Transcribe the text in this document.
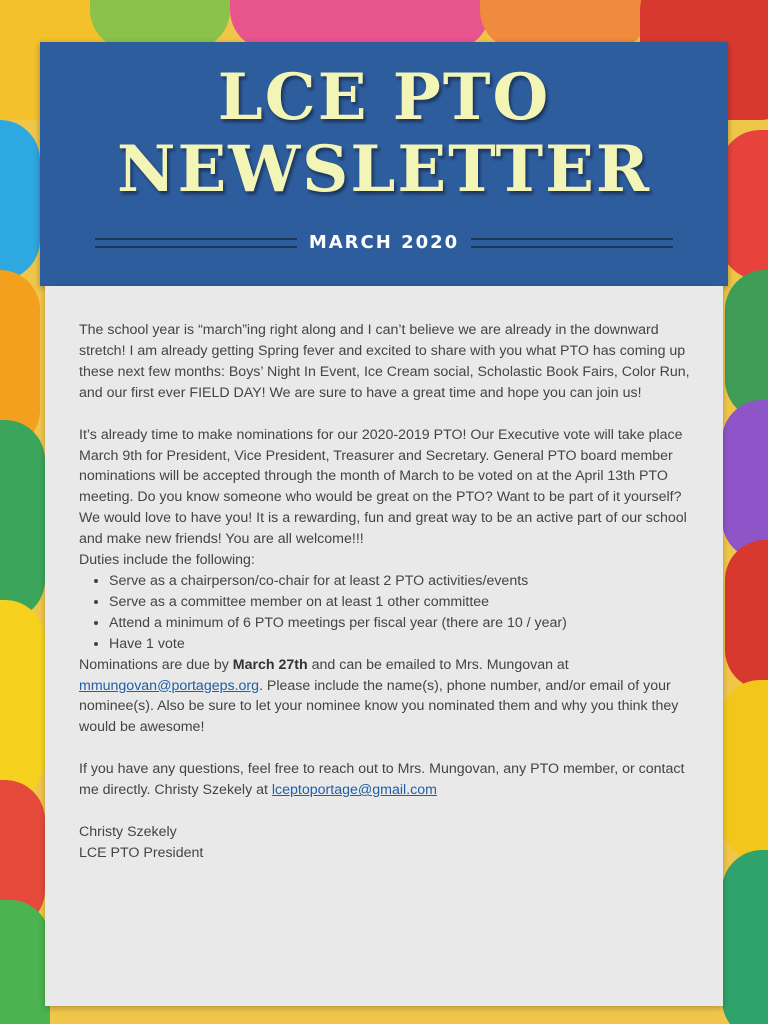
LCE PTO
NEWSLETTER
MARCH 2020

The school year is “march”ing right along and I can’t believe we are already in the downward stretch! I am already getting Spring fever and excited to share with you what PTO has coming up these next few months: Boys’ Night In Event, Ice Cream social, Scholastic Book Fairs, Color Run, and our first ever FIELD DAY! We are sure to have a great time and hope you can join us!

It’s already time to make nominations for our 2020-2019 PTO! Our Executive vote will take place March 9th for President, Vice President, Treasurer and Secretary. General PTO board member nominations will be accepted through the month of March to be voted on at the April 13th PTO meeting. Do you know someone who would be great on the PTO? Want to be part of it yourself? We would love to have you! It is a rewarding, fun and great way to be an active part of our school and make new friends! You are all welcome!!!

Duties include the following:

• Serve as a chairperson/co-chair for at least 2 PTO activities/events
• Serve as a committee member on at least 1 other committee
• Attend a minimum of 6 PTO meetings per fiscal year (there are 10 / year)
• Have 1 vote

Nominations are due by March 27th and can be emailed to Mrs. Mungovan at mmungovan@portageps.org. Please include the name(s), phone number, and/or email of your nominee(s). Also be sure to let your nominee know you nominated them and why you think they would be awesome!

If you have any questions, feel free to reach out to Mrs. Mungovan, any PTO member, or contact me directly. Christy Szekely at lceptoportage@gmail.com

Christy Szekely

LCE PTO President
